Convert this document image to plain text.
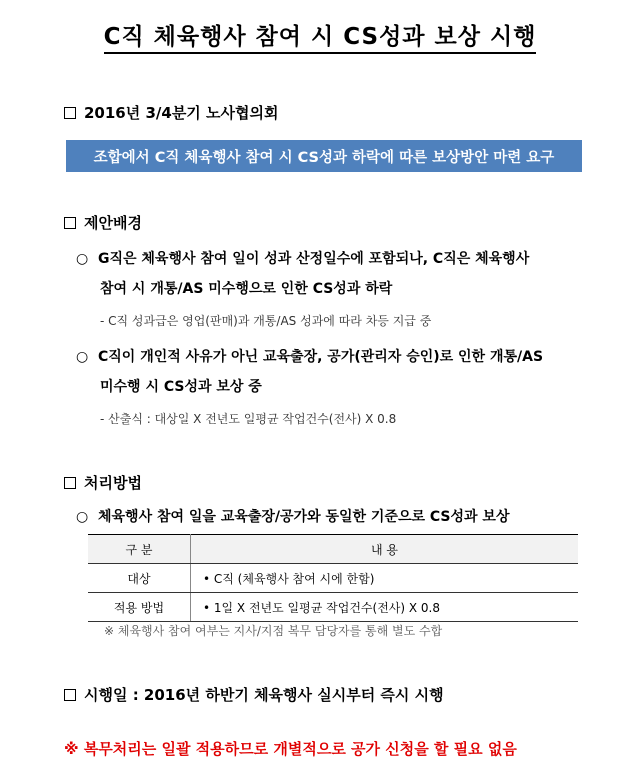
C직 체육행사 참여 시 CS성과 보상 시행
2016년 3/4분기 노사협의회
조합에서 C직 체육행사 참여 시 CS성과 하락에 따른 보상방안 마련 요구
제안배경
○ G직은 체육행사 참여 일이 성과 산정일수에 포함되나, C직은 체육행사
참여 시 개통/AS 미수행으로 인한 CS성과 하락
- C직 성과급은 영업(판매)과 개통/AS 성과에 따라 차등 지급 중
○ C직이 개인적 사유가 아닌 교육출장, 공가(관리자 승인)로 인한 개통/AS
미수행 시 CS성과 보상 중
- 산출식 : 대상일 X 전년도 일평균 작업건수(전사) X 0.8
처리방법
○ 체육행사 참여 일을 교육출장/공가와 동일한 기준으로 CS성과 보상
구 분	내 용
대상	• C직 (체육행사 참여 시에 한함)
적용 방법	• 1일 X 전년도 일평균 작업건수(전사) X 0.8
※ 체육행사 참여 여부는 지사/지점 복무 담당자를 통해 별도 수합
시행일 : 2016년 하반기 체육행사 실시부터 즉시 시행
※ 복무처리는 일괄 적용하므로 개별적으로 공가 신청을 할 필요 없음
